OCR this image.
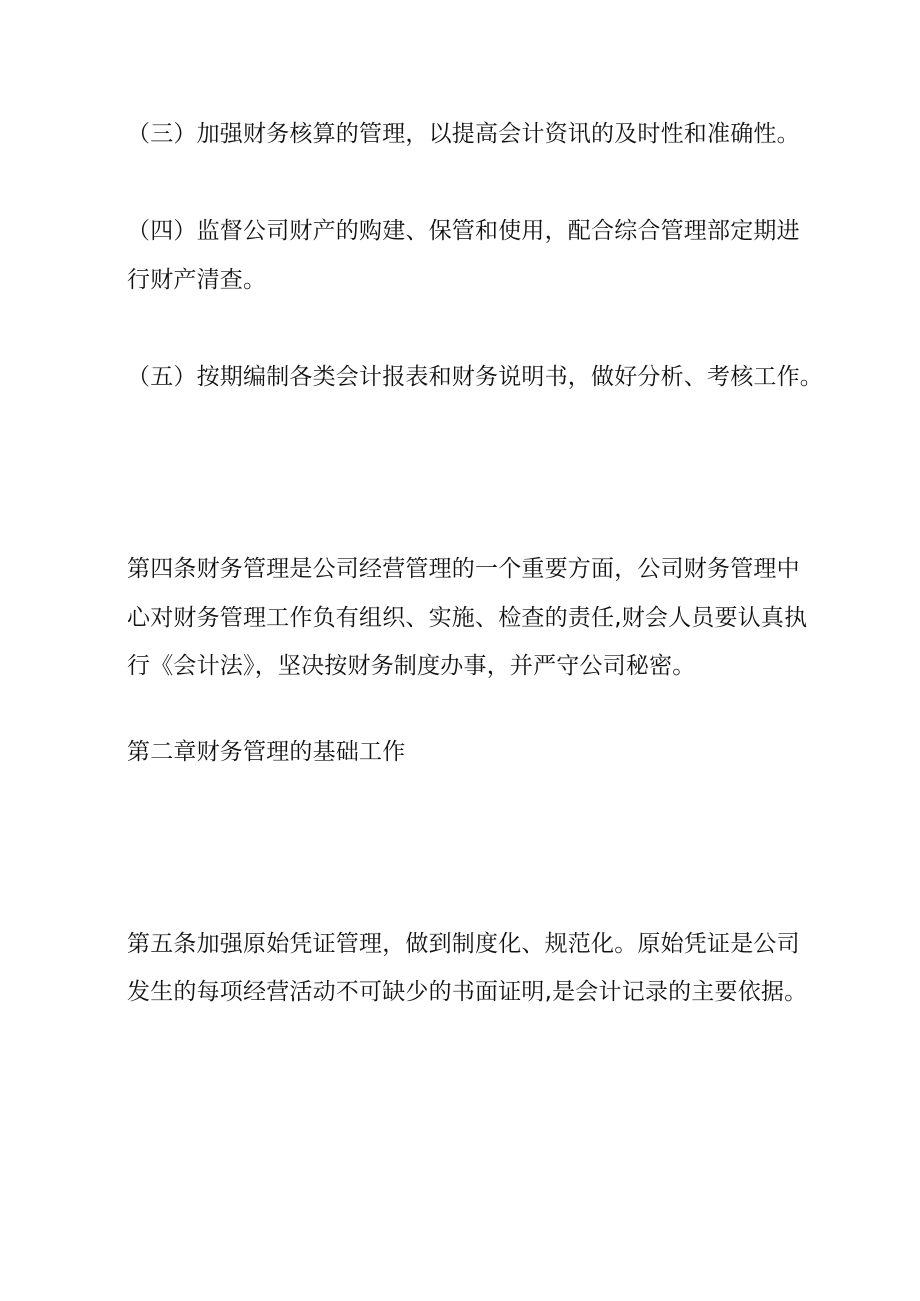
（三）加强财务核算的管理，以提高会计资讯的及时性和准确性。
（四）监督公司财产的购建、保管和使用，配合综合管理部定期进
行财产清查。
（五）按期编制各类会计报表和财务说明书，做好分析、考核工作。
第四条财务管理是公司经营管理的一个重要方面，公司财务管理中
心对财务管理工作负有组织、实施、检查的责任,财会人员要认真执
行《会计法》，坚决按财务制度办事，并严守公司秘密。
第二章财务管理的基础工作
第五条加强原始凭证管理，做到制度化、规范化。原始凭证是公司
发生的每项经营活动不可缺少的书面证明,是会计记录的主要依据。
